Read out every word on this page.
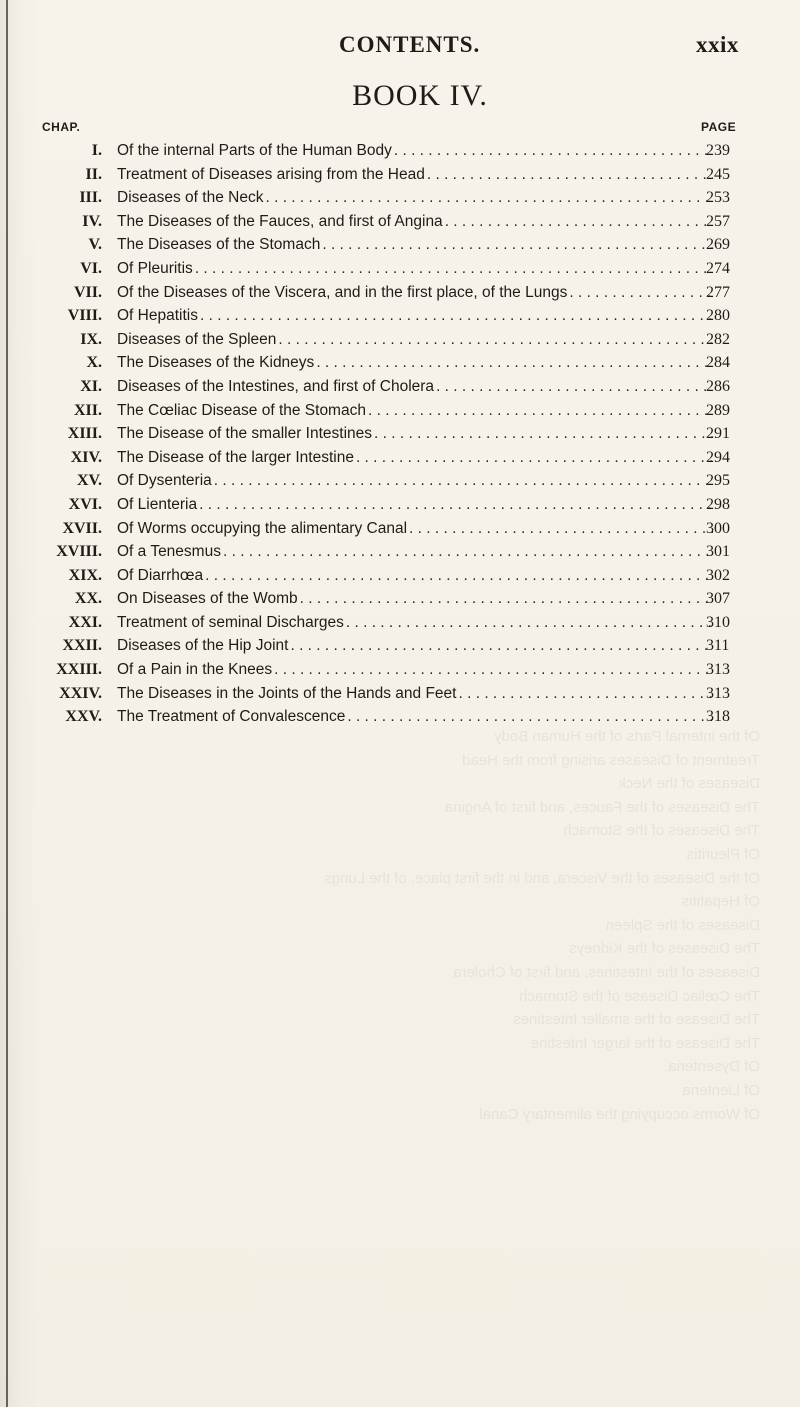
CONTENTS.	xxix
BOOK IV.
CHAP.	PAGE
I. Of the internal Parts of the Human Body . . .	239
II. Treatment of Diseases arising from the Head . . .	245
III. Diseases of the Neck . . .	253
IV. The Diseases of the Fauces, and first of Angina . . .	257
V. The Diseases of the Stomach . . .	269
VI. Of Pleuritis . . .	274
VII. Of the Diseases of the Viscera, and in the first place, of the Lungs . . .	277
VIII. Of Hepatitis . . .	280
IX. Diseases of the Spleen . . .	282
X. The Diseases of the Kidneys . . .	284
XI. Diseases of the Intestines, and first of Cholera . . .	286
XII. The Cœliac Disease of the Stomach . . .	289
XIII. The Disease of the smaller Intestines . . .	291
XIV. The Disease of the larger Intestine . . .	294
XV. Of Dysenteria . . .	295
XVI. Of Lienteria . . .	298
XVII. Of Worms occupying the alimentary Canal . . .	300
XVIII. Of a Tenesmus . . .	301
XIX. Of Diarrhœa . . .	302
XX. On Diseases of the Womb . . .	307
XXI. Treatment of seminal Discharges . . .	310
XXII. Diseases of the Hip Joint . . .	311
XXIII. Of a Pain in the Knees . . .	313
XXIV. The Diseases in the Joints of the Hands and Feet . . .	313
XXV. The Treatment of Convalescence . . .	318
Of the internal Parts of the Human Body
Treatment of Diseases arising from the Head
Diseases of the Neck
The Diseases of the Fauces, and first of Angina
The Diseases of the Stomach
Of Pleuritis
Of the Diseases of the Viscera, and in the first place, of the Lungs
Of Hepatitis
Diseases of the Spleen
The Diseases of the Kidneys
Diseases of the Intestines, and first of Cholera
The Cœliac Disease of the Stomach
The Disease of the smaller Intestines
The Disease of the larger Intestine
Of Dysenteria
Of Lienteria
Of Worms occupying the alimentary Canal
